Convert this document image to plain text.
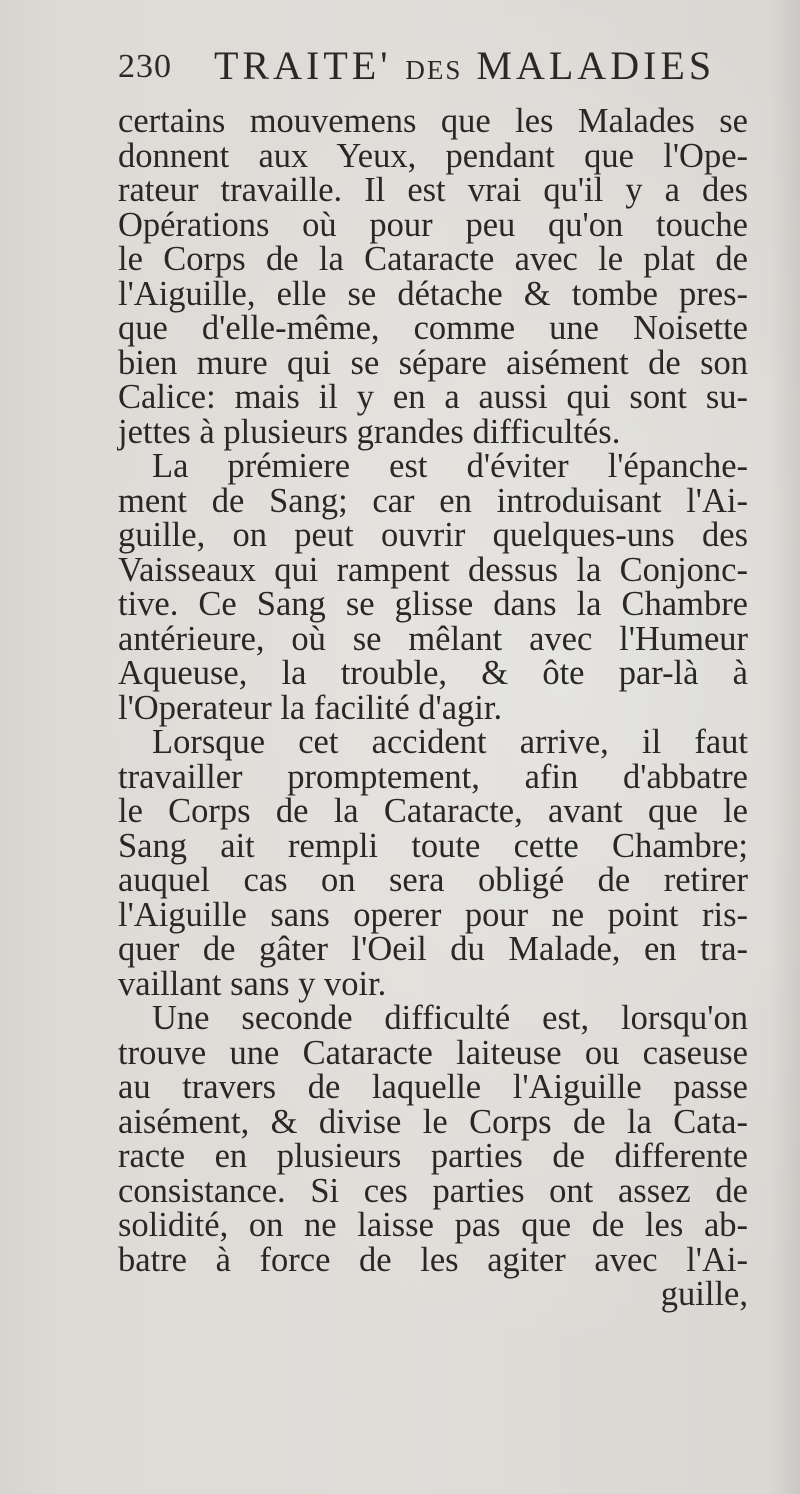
230 TRAITE' DES MALADIES
certains mouvemens que les Malades se
donnent aux Yeux, pendant que l'Ope-
rateur travaille. Il est vrai qu'il y a des
Opérations où pour peu qu'on touche
le Corps de la Cataracte avec le plat de
l'Aiguille, elle se détache & tombe pres-
que d'elle-même, comme une Noisette
bien mure qui se sépare aisément de son
Calice: mais il y en a aussi qui sont su-
jettes à plusieurs grandes difficultés.
La prémiere est d'éviter l'épanche-
ment de Sang; car en introduisant l'Ai-
guille, on peut ouvrir quelques-uns des
Vaisseaux qui rampent dessus la Conjonc-
tive. Ce Sang se glisse dans la Chambre
antérieure, où se mêlant avec l'Humeur
Aqueuse, la trouble, & ôte par-là à
l'Operateur la facilité d'agir.
Lorsque cet accident arrive, il faut
travailler promptement, afin d'abbatre
le Corps de la Cataracte, avant que le
Sang ait rempli toute cette Chambre;
auquel cas on sera obligé de retirer
l'Aiguille sans operer pour ne point ris-
quer de gâter l'Oeil du Malade, en tra-
vaillant sans y voir.
Une seconde difficulté est, lorsqu'on
trouve une Cataracte laiteuse ou caseuse
au travers de laquelle l'Aiguille passe
aisément, & divise le Corps de la Cata-
racte en plusieurs parties de differente
consistance. Si ces parties ont assez de
solidité, on ne laisse pas que de les ab-
batre à force de les agiter avec l'Ai-
guille,
